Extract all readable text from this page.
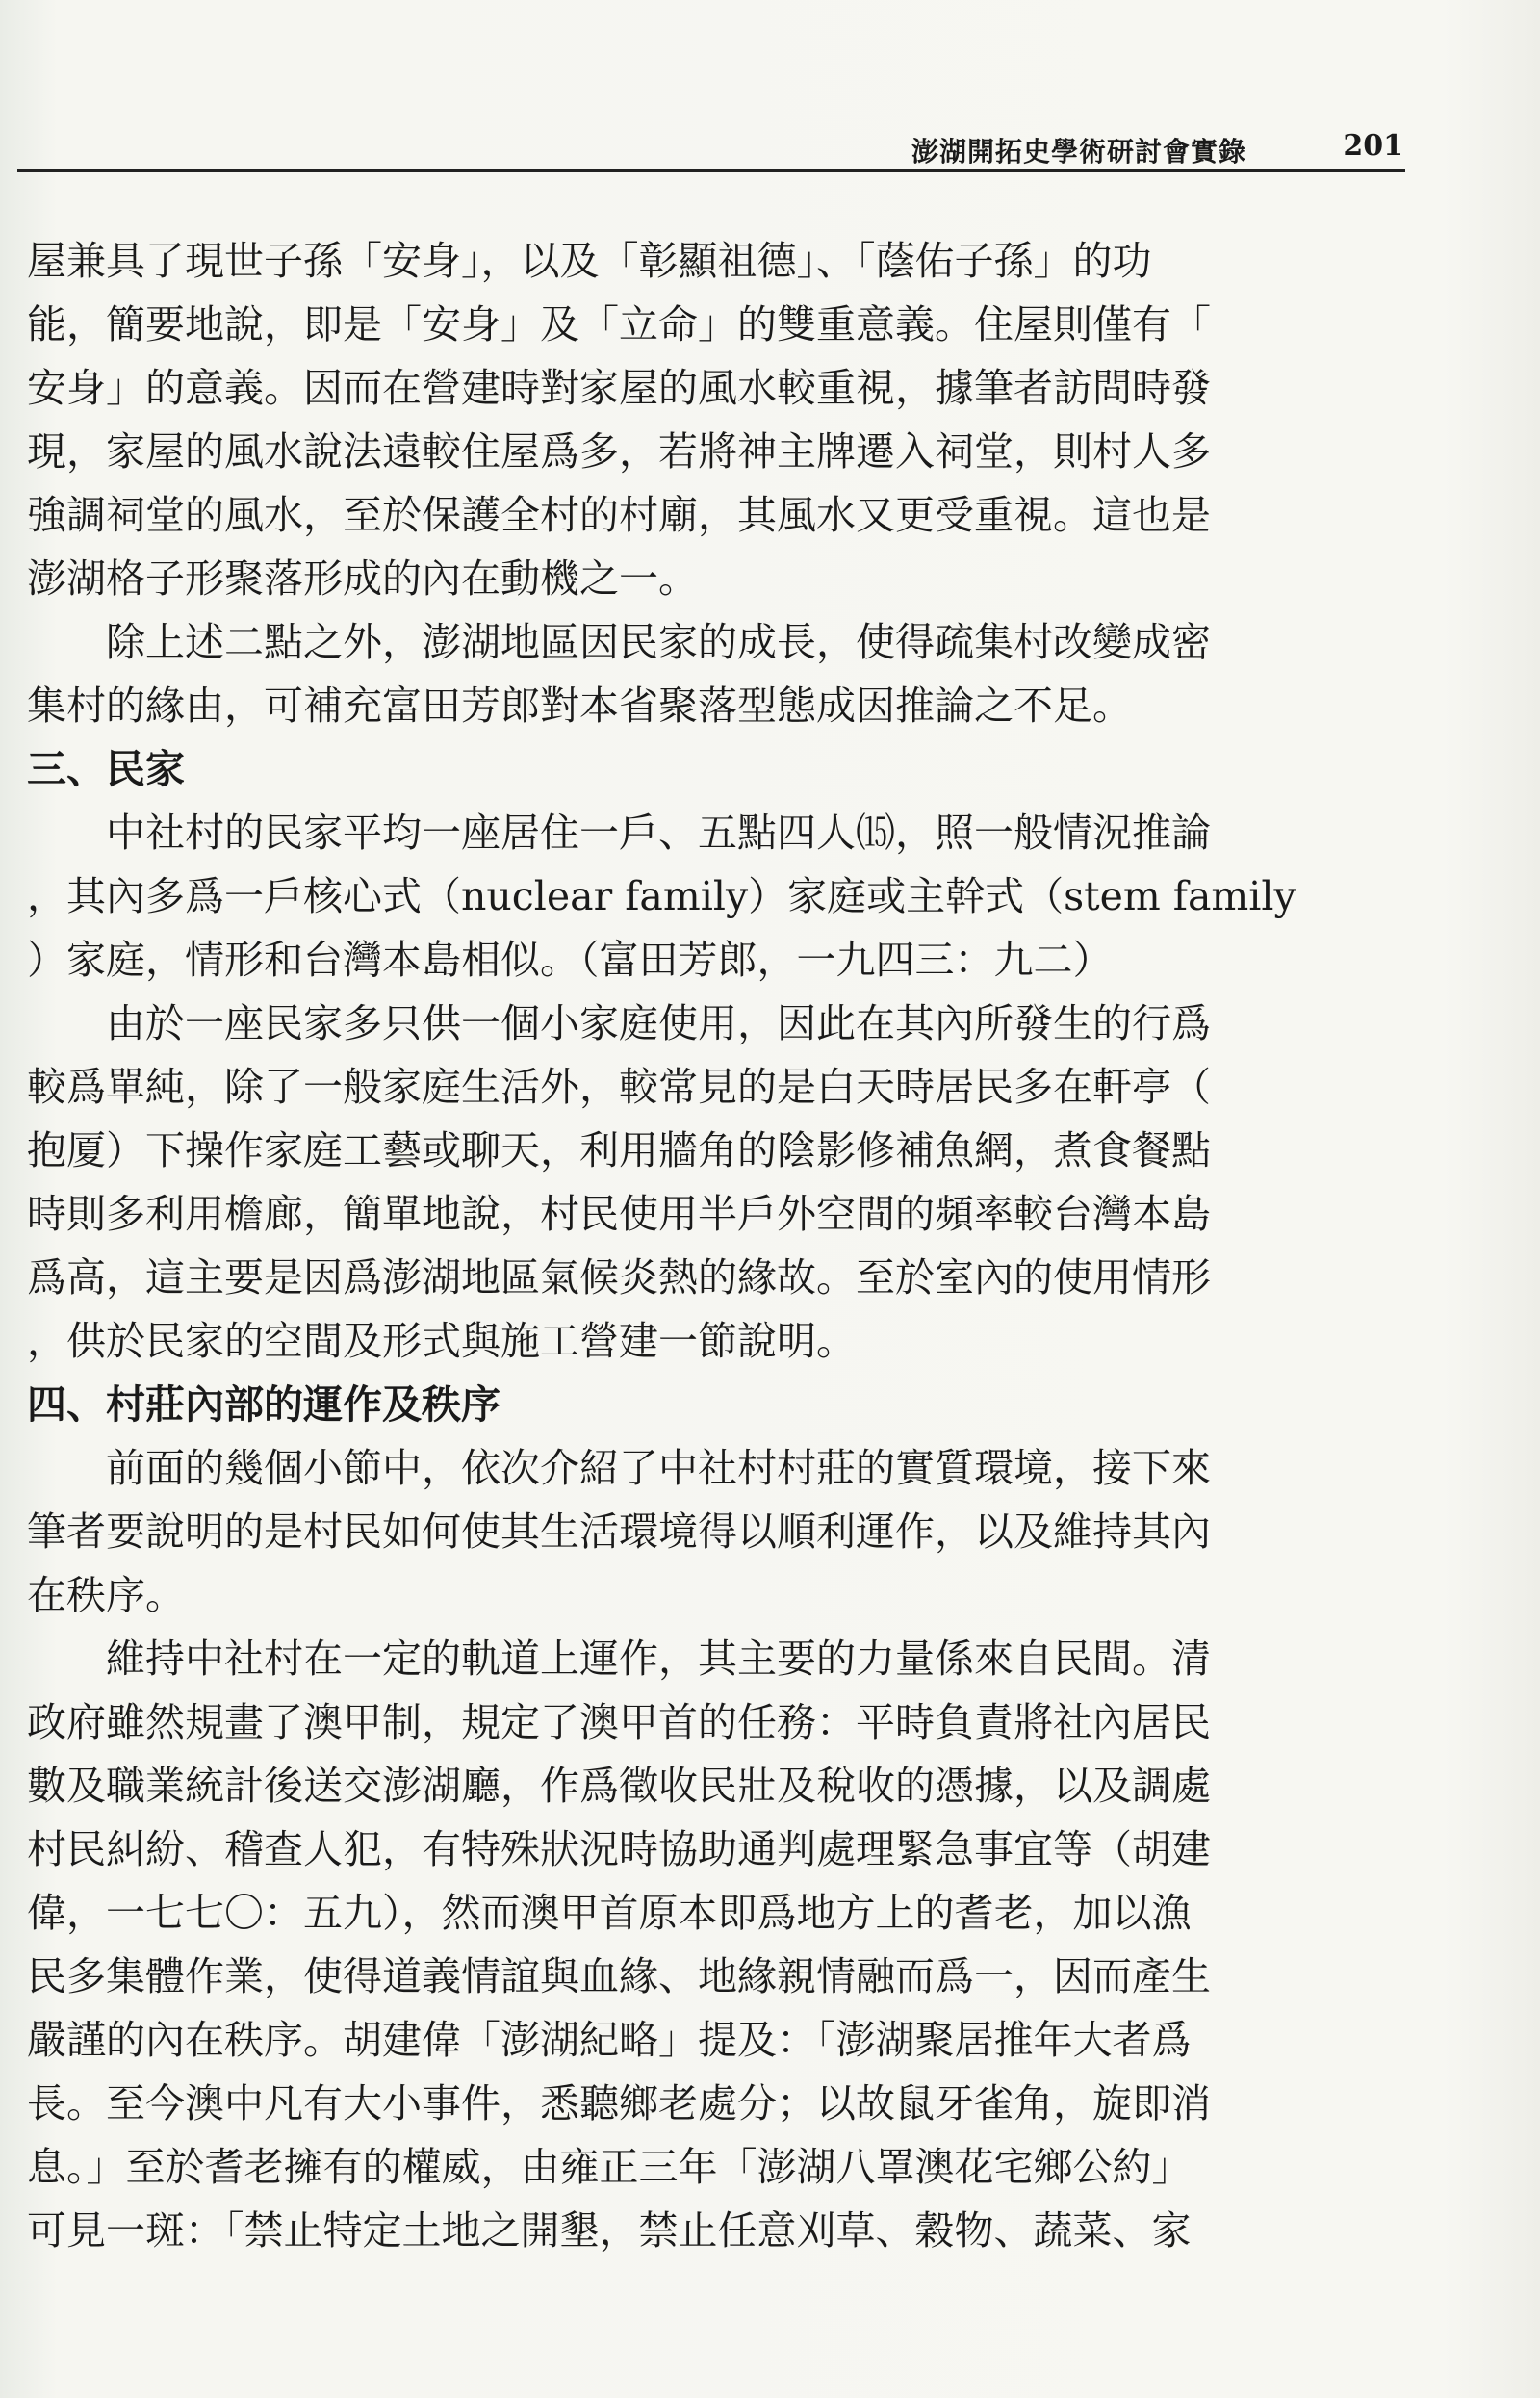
澎湖開拓史學術研討會實錄	201
屋兼具了現世子孫「安身」，以及「彰顯祖德」、「蔭佑子孫」的功
能，簡要地說，即是「安身」及「立命」的雙重意義。住屋則僅有「
安身」的意義。因而在營建時對家屋的風水較重視，據筆者訪問時發
現，家屋的風水說法遠較住屋爲多，若將神主牌遷入祠堂，則村人多
強調祠堂的風水，至於保護全村的村廟，其風水又更受重視。這也是
澎湖格子形聚落形成的內在動機之一。
除上述二點之外，澎湖地區因民家的成長，使得疏集村改變成密
集村的緣由，可補充富田芳郎對本省聚落型態成因推論之不足。
三、民家
中社村的民家平均一座居住一戶、五點四人⒂，照一般情況推論
，其內多爲一戶核心式（nuclear family）家庭或主幹式（stem family
）家庭，情形和台灣本島相似。（富田芳郎，一九四三：九二）
由於一座民家多只供一個小家庭使用，因此在其內所發生的行爲
較爲單純，除了一般家庭生活外，較常見的是白天時居民多在軒亭（
抱厦）下操作家庭工藝或聊天，利用牆角的陰影修補魚網，煮食餐點
時則多利用檐廊，簡單地說，村民使用半戶外空間的頻率較台灣本島
爲高，這主要是因爲澎湖地區氣候炎熱的緣故。至於室內的使用情形
，供於民家的空間及形式與施工營建一節說明。
四、村莊內部的運作及秩序
前面的幾個小節中，依次介紹了中社村村莊的實質環境，接下來
筆者要說明的是村民如何使其生活環境得以順利運作，以及維持其內
在秩序。
維持中社村在一定的軌道上運作，其主要的力量係來自民間。清
政府雖然規畫了澳甲制，規定了澳甲首的任務：平時負責將社內居民
數及職業統計後送交澎湖廳，作爲徵收民壯及稅收的憑據，以及調處
村民糾紛、稽查人犯，有特殊狀況時協助通判處理緊急事宜等（胡建
偉，一七七〇：五九），然而澳甲首原本即爲地方上的耆老，加以漁
民多集體作業，使得道義情誼與血緣、地緣親情融而爲一，因而產生
嚴謹的內在秩序。胡建偉「澎湖紀略」提及：「澎湖聚居推年大者爲
長。至今澳中凡有大小事件，悉聽鄉老處分；以故鼠牙雀角，旋即消
息。」至於耆老擁有的權威，由雍正三年「澎湖八罩澳花宅鄉公約」
可見一斑：「禁止特定土地之開墾，禁止任意刈草、穀物、蔬菜、家
